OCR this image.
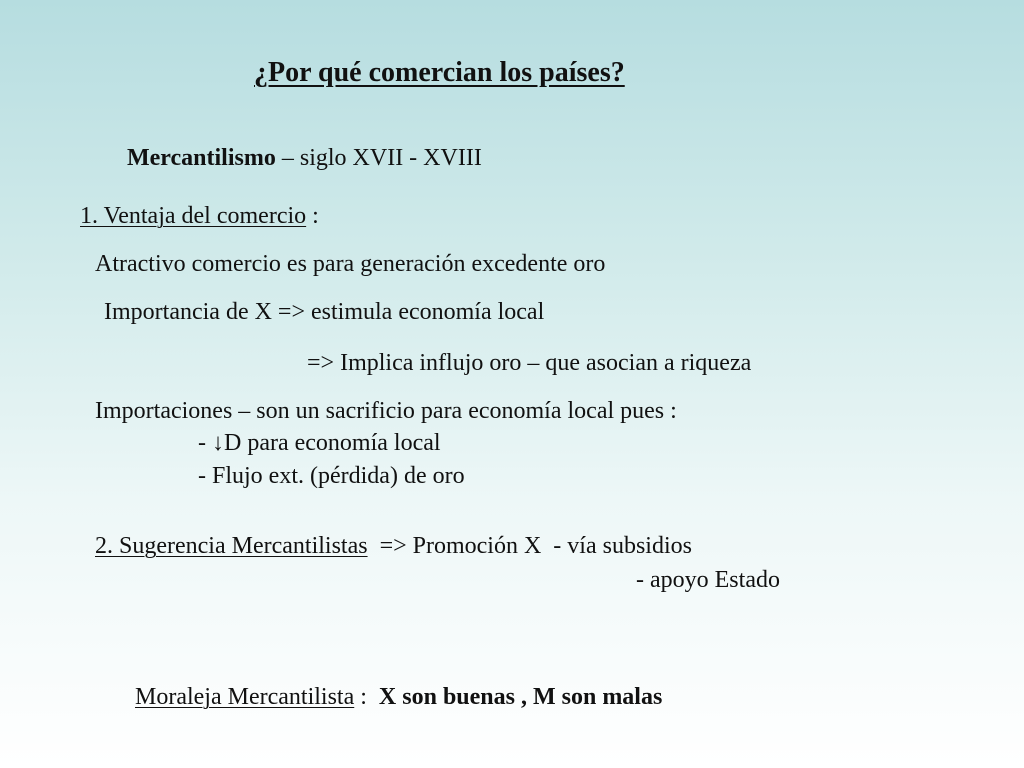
¿Por qué comercian los países?
Mercantilismo – siglo XVII - XVIII
1. Ventaja del comercio :
Atractivo comercio es para generación excedente oro
Importancia de X => estimula economía local
=> Implica influjo oro – que asocian a riqueza
Importaciones – son un sacrificio para economía local pues :
- ↓D para economía local
- Flujo ext. (pérdida) de oro
2. Sugerencia Mercantilistas  => Promoción X  - vía subsidios
- apoyo Estado
Moraleja Mercantilista :  X son buenas , M son malas
